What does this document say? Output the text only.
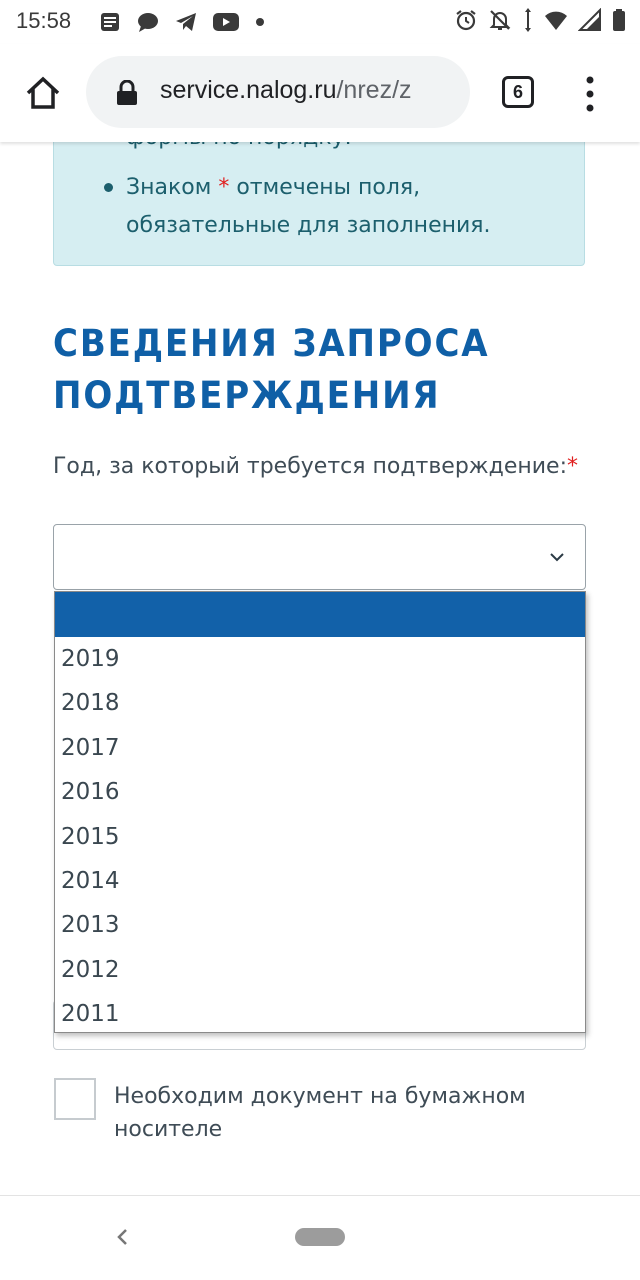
15:58
service.nalog.ru/nrez/z	6
Знаком * отмечены поля, обязательные для заполнения.
СВЕДЕНИЯ ЗАПРОСА ПОДТВЕРЖДЕНИЯ
Год, за который требуется подтверждение:*
2019
2018
2017
2016
2015
2014
2013
2012
2011
Необходим документ на бумажном носителе
